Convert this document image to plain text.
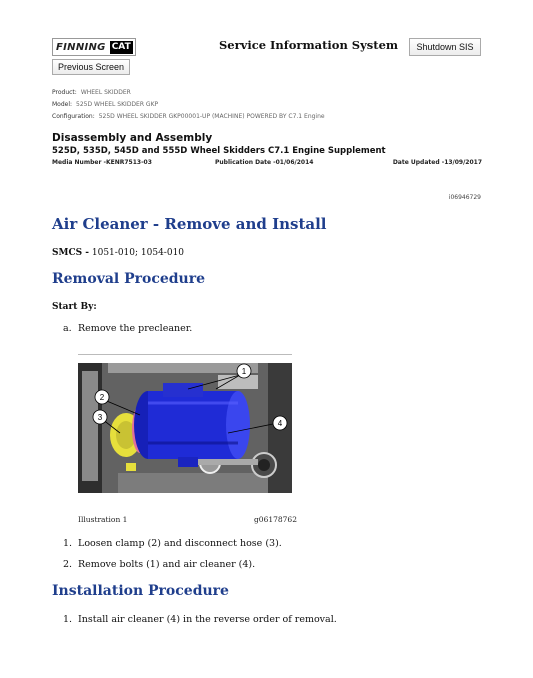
FINNING CAT	Service Information System	Shutdown SIS
Previous Screen
Product: WHEEL SKIDDER
Model: 525D WHEEL SKIDDER GKP
Configuration: 525D WHEEL SKIDDER GKP00001-UP (MACHINE) POWERED BY C7.1 Engine
Disassembly and Assembly
525D, 535D, 545D and 555D Wheel Skidders C7.1 Engine Supplement
Media Number -KENR7513-03	Publication Date -01/06/2014	Date Updated -13/09/2017
i06946729
Air Cleaner - Remove and Install
SMCS - 1051-010; 1054-010
Removal Procedure
Start By:
a. Remove the precleaner.
1
2
3
4
Illustration 1	g06178762
1. Loosen clamp (2) and disconnect hose (3).
2. Remove bolts (1) and air cleaner (4).
Installation Procedure
1. Install air cleaner (4) in the reverse order of removal.
